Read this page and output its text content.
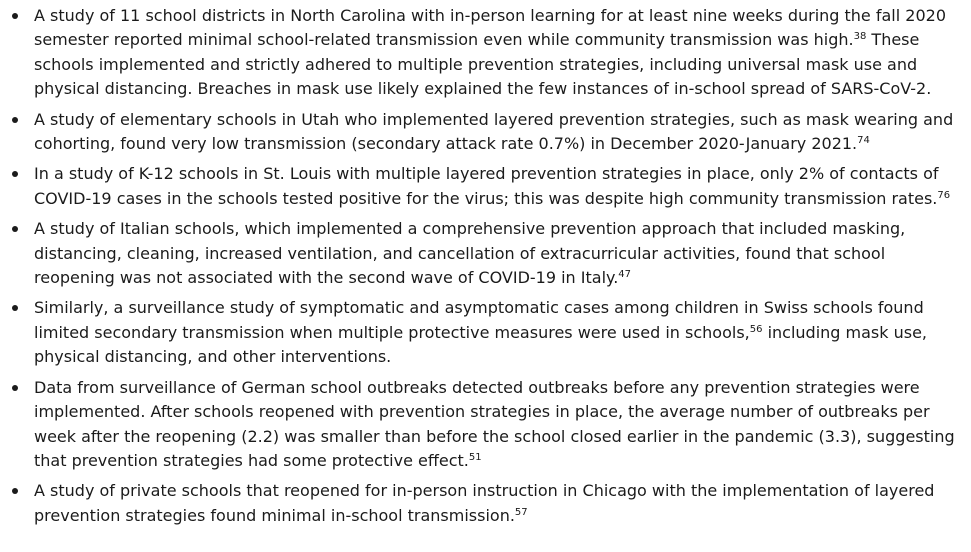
A study of 11 school districts in North Carolina with in-person learning for at least nine weeks during the fall 2020 semester reported minimal school-related transmission even while community transmission was high.$^{38}$ These schools implemented and strictly adhered to multiple prevention strategies, including universal mask use and physical distancing. Breaches in mask use likely explained the few instances of in-school spread of SARS-CoV-2.
A study of elementary schools in Utah who implemented layered prevention strategies, such as mask wearing and cohorting, found very low transmission (secondary attack rate 0.7%) in December 2020-January 2021.74
In a study of K-12 schools in St. Louis with multiple layered prevention strategies in place, only 2% of contacts of COVID-19 cases in the schools tested positive for the virus; this was despite high community transmission rates.$^{76}$
A study of Italian schools, which implemented a comprehensive prevention approach that included masking, distancing, cleaning, increased ventilation, and cancellation of extracurricular activities, found that school reopening was not associated with the second wave of COVID-19 in Italy.$^{47}$
Similarly, a surveillance study of symptomatic and asymptomatic cases among children in Swiss schools found limited secondary transmission when multiple protective measures were used in schools,$^{56}$ including mask use, physical distancing, and other interventions.
Data from surveillance of German school outbreaks detected outbreaks before any prevention strategies were implemented. After schools reopened with prevention strategies in place, the average number of outbreaks per week after the reopening (2.2) was smaller than before the school closed earlier in the pandemic (3.3), suggesting that prevention strategies had some protective effect.$^{51}$
A study of private schools that reopened for in-person instruction in Chicago with the implementation of layered prevention strategies found minimal in-school transmission.$^{57}$
